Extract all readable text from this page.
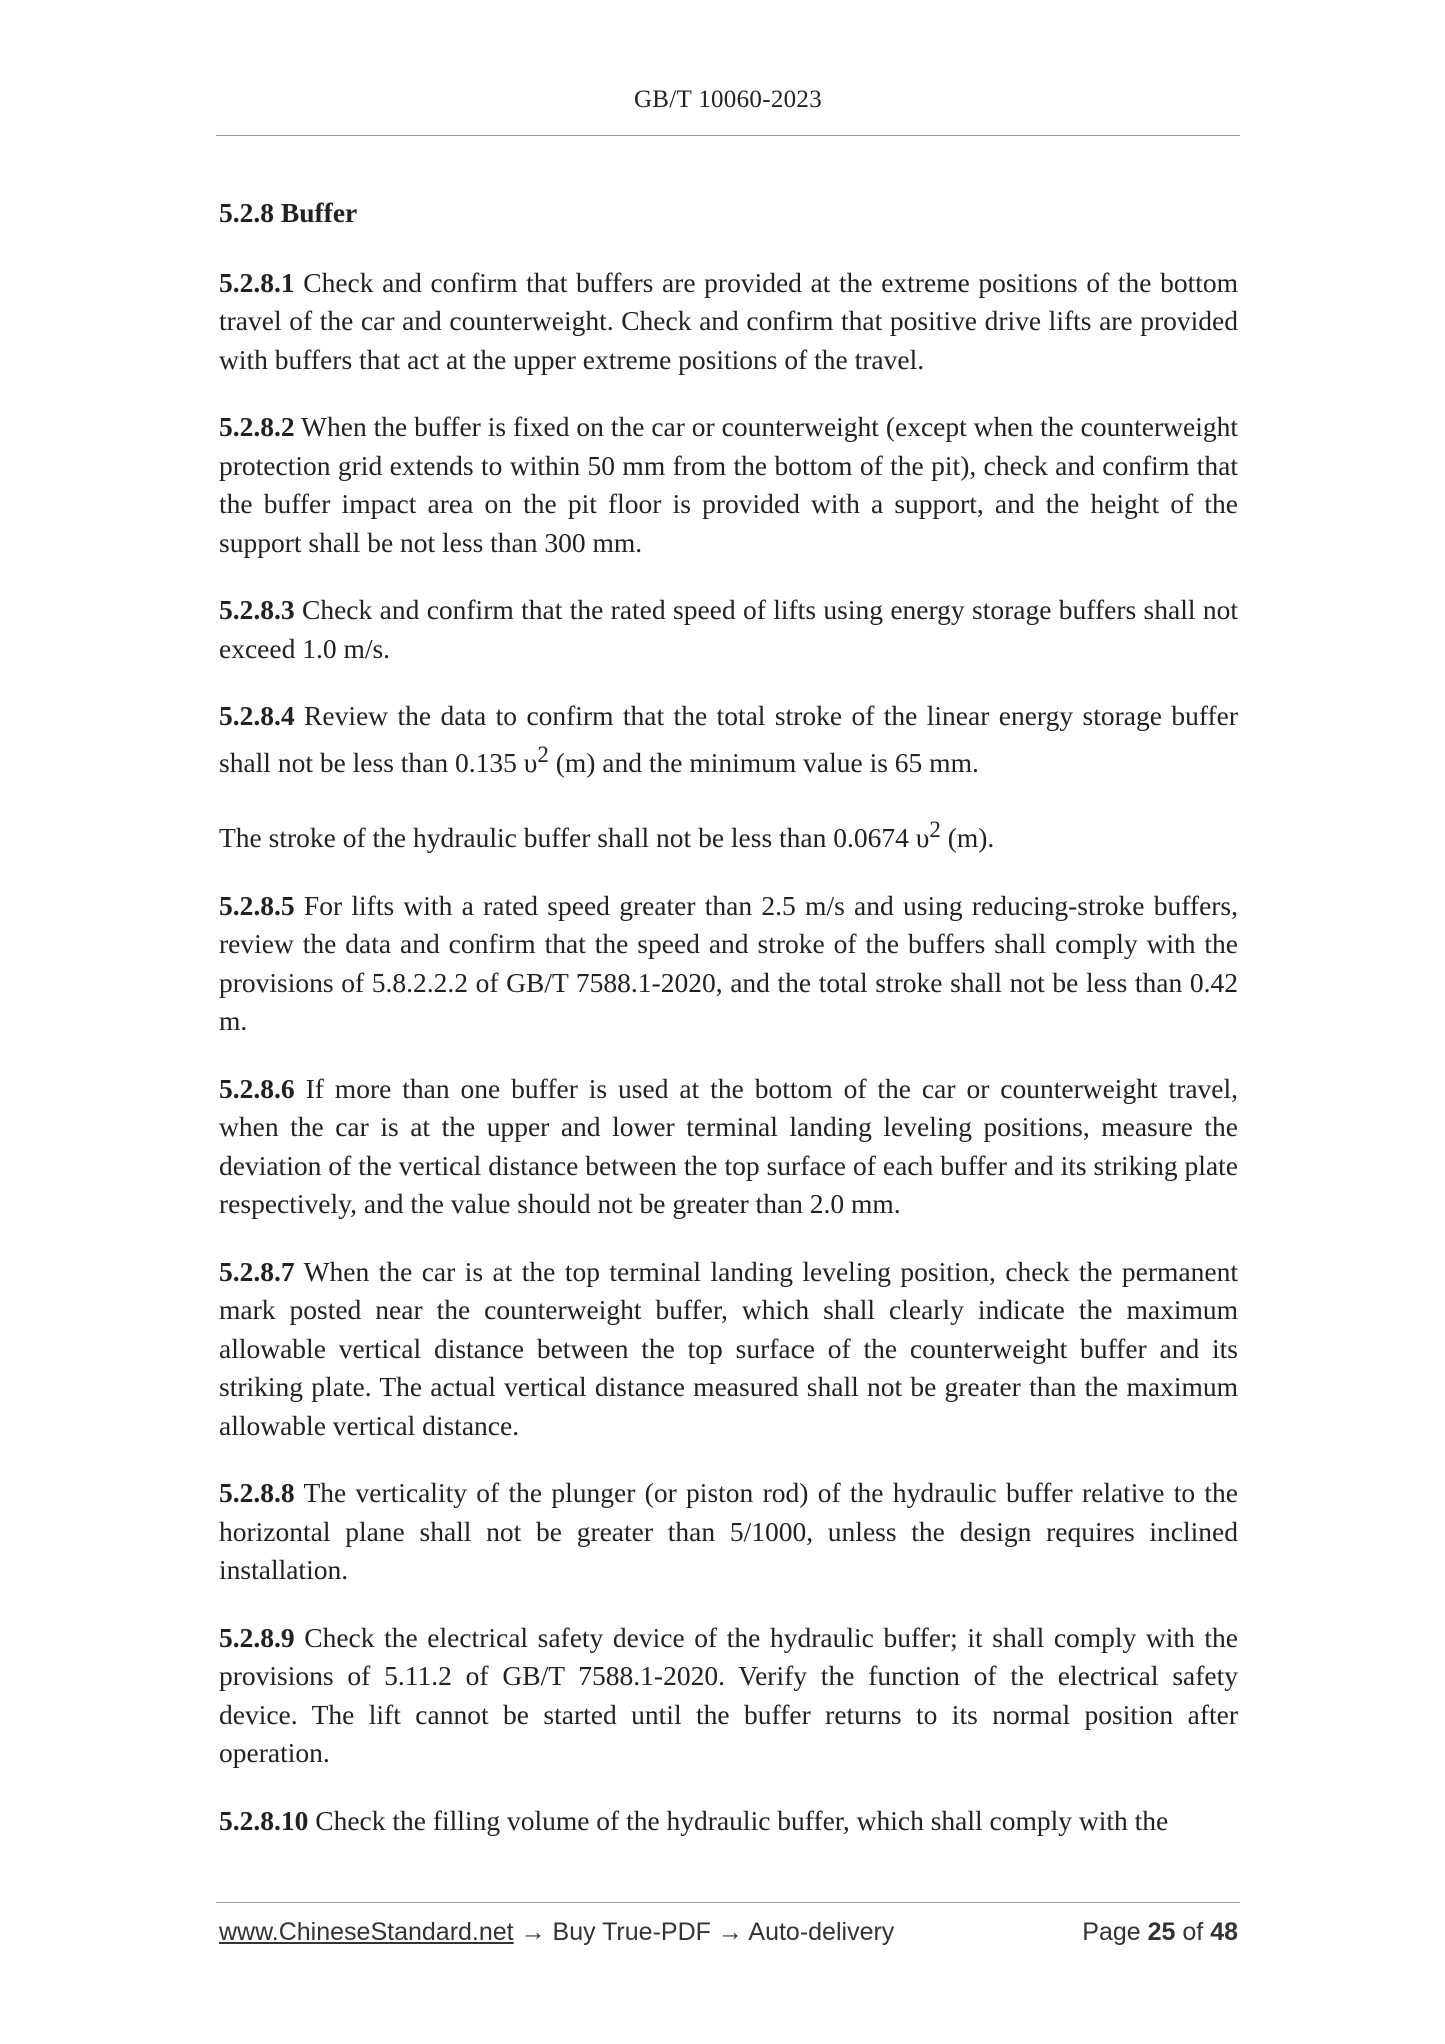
GB/T 10060-2023

5.2.8 Buffer

5.2.8.1 Check and confirm that buffers are provided at the extreme positions of the bottom travel of the car and counterweight. Check and confirm that positive drive lifts are provided with buffers that act at the upper extreme positions of the travel.

5.2.8.2 When the buffer is fixed on the car or counterweight (except when the counterweight protection grid extends to within 50 mm from the bottom of the pit), check and confirm that the buffer impact area on the pit floor is provided with a support, and the height of the support shall be not less than 300 mm.

5.2.8.3 Check and confirm that the rated speed of lifts using energy storage buffers shall not exceed 1.0 m/s.

5.2.8.4 Review the data to confirm that the total stroke of the linear energy storage buffer shall not be less than 0.135 $\upsilon^2$ (m) and the minimum value is 65 mm.

The stroke of the hydraulic buffer shall not be less than 0.0674 $\upsilon^2$ (m).

5.2.8.5 For lifts with a rated speed greater than 2.5 m/s and using reducing-stroke buffers, review the data and confirm that the speed and stroke of the buffers shall comply with the provisions of 5.8.2.2.2 of GB/T 7588.1-2020, and the total stroke shall not be less than 0.42 m.

5.2.8.6 If more than one buffer is used at the bottom of the car or counterweight travel, when the car is at the upper and lower terminal landing leveling positions, measure the deviation of the vertical distance between the top surface of each buffer and its striking plate respectively, and the value should not be greater than 2.0 mm.

5.2.8.7 When the car is at the top terminal landing leveling position, check the permanent mark posted near the counterweight buffer, which shall clearly indicate the maximum allowable vertical distance between the top surface of the counterweight buffer and its striking plate. The actual vertical distance measured shall not be greater than the maximum allowable vertical distance.

5.2.8.8 The verticality of the plunger (or piston rod) of the hydraulic buffer relative to the horizontal plane shall not be greater than 5/1000, unless the design requires inclined installation.

5.2.8.9 Check the electrical safety device of the hydraulic buffer; it shall comply with the provisions of 5.11.2 of GB/T 7588.1-2020. Verify the function of the electrical safety device. The lift cannot be started until the buffer returns to its normal position after operation.

5.2.8.10 Check the filling volume of the hydraulic buffer, which shall comply with the

www.ChineseStandard.net → Buy True-PDF → Auto-delivery	Page 25 of 48
